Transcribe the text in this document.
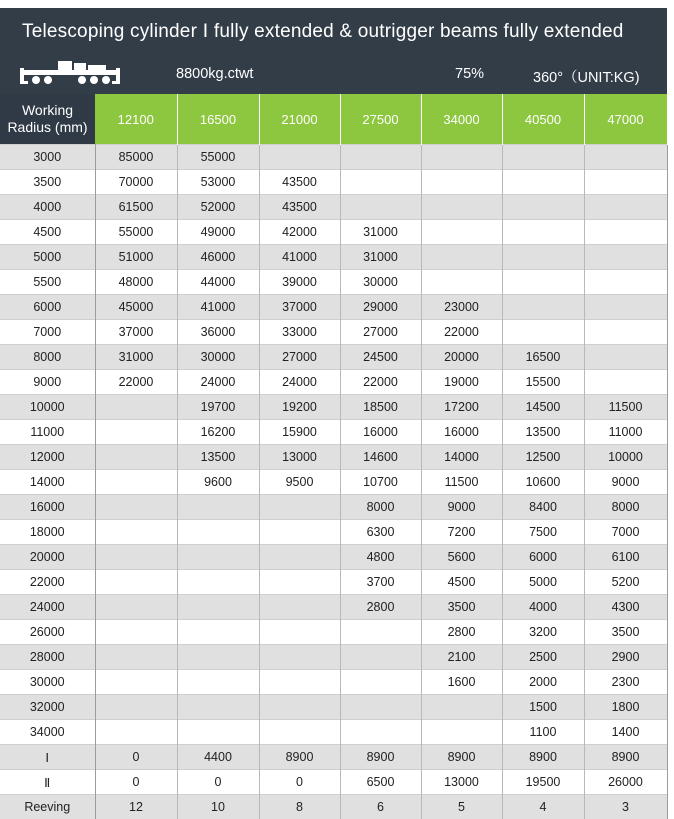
Telescoping cylinder Ⅰ fully extended & outrigger beams fully extended
8800kg.ctwt	75%	360°（UNIT:KG)
Working
Radius (mm)	12100	16500	21000	27500	34000	40500	47000
3000	85000	55000					
3500	70000	53000	43500				
4000	61500	52000	43500				
4500	55000	49000	42000	31000			
5000	51000	46000	41000	31000			
5500	48000	44000	39000	30000			
6000	45000	41000	37000	29000	23000		
7000	37000	36000	33000	27000	22000		
8000	31000	30000	27000	24500	20000	16500	
9000	22000	24000	24000	22000	19000	15500	
10000		19700	19200	18500	17200	14500	11500
11000		16200	15900	16000	16000	13500	11000
12000		13500	13000	14600	14000	12500	10000
14000		9600	9500	10700	11500	10600	9000
16000				8000	9000	8400	8000
18000				6300	7200	7500	7000
20000				4800	5600	6000	6100
22000				3700	4500	5000	5200
24000				2800	3500	4000	4300
26000					2800	3200	3500
28000					2100	2500	2900
30000					1600	2000	2300
32000						1500	1800
34000						1100	1400
Ⅰ	0	4400	8900	8900	8900	8900	8900
Ⅱ	0	0	0	6500	13000	19500	26000
Reeving	12	10	8	6	5	4	3
